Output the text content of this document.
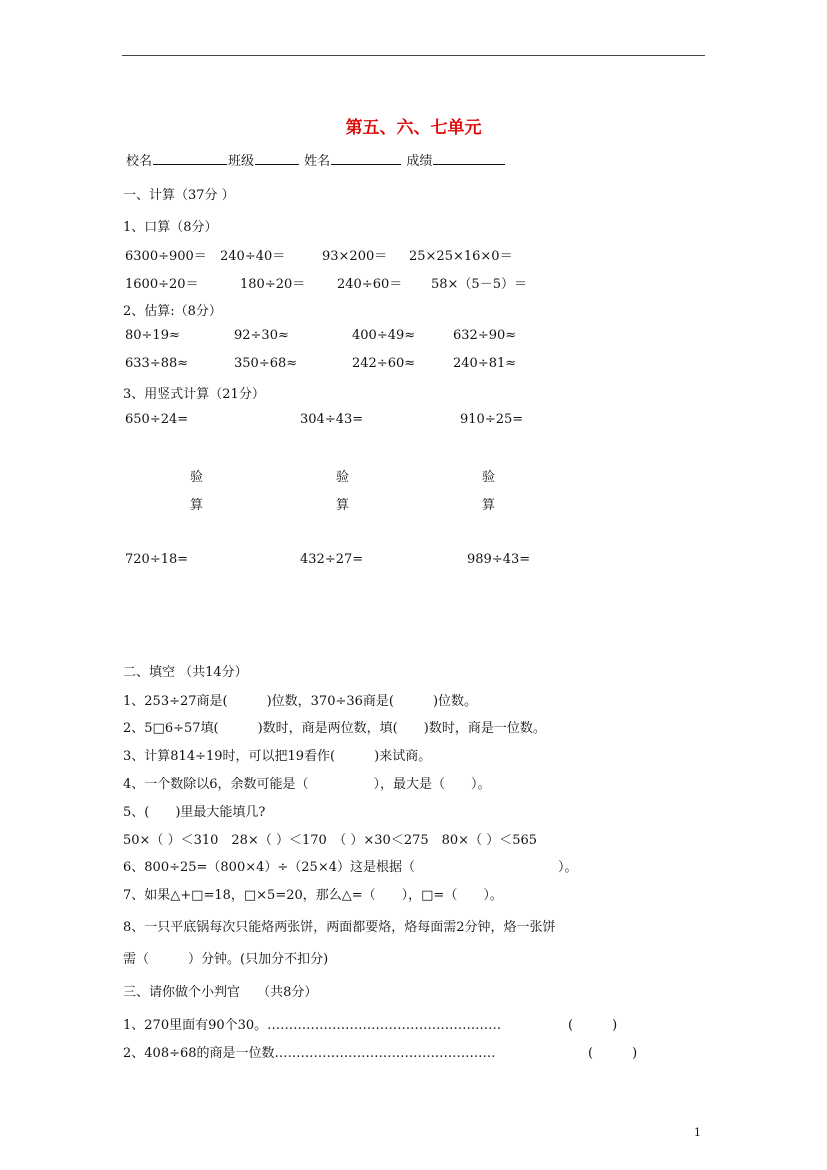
第五、六、七单元
校名	班级	姓名	成绩
一、计算（37分 ）
1、口算（8分）
6300÷900＝ 240÷40＝	93×200＝ 25×25×16×0＝
1600÷20＝	180÷20＝ 240÷60＝ 58×（5－5）＝
2、估算:（8分）
80÷19≈	92÷30≈	400÷49≈	632÷90≈
633÷88≈	350÷68≈	242÷60≈	240÷81≈
3、用竖式计算（21分）
650÷24=	304÷43=	910÷25=
验	验	验
算	算	算
720÷18=	432÷27=	989÷43=
二、填空 （共14分）
1、253÷27商是(　　　)位数，370÷36商是(　　　)位数。
2、5□6÷57填(　　　)数时，商是两位数，填(　　)数时，商是一位数。
3、计算814÷19时，可以把19看作(　　　)来试商。
4、一个数除以6，余数可能是（　　　　　），最大是（　　）。
5、(　　)里最大能填几?
50×（ ）＜310　28×（ ）＜170　（ ）×30＜275　80×（ ）＜565
6、800÷25=（800×4）÷（25×4）这是根据（　　　　　　　　　　　）。
7、如果△+□=18，□×5=20，那么△=（　　），□=（　　）。
8、一只平底锅每次只能烙两张饼，两面都要烙，烙每面需2分钟，烙一张饼
需（　　　）分钟。(只加分不扣分)
三、请你做个小判官　 （共8分）
1、270里面有90个30。………………………………………………	(　　　)
2、408÷68的商是一位数……………………………………………	(　　　)
1
